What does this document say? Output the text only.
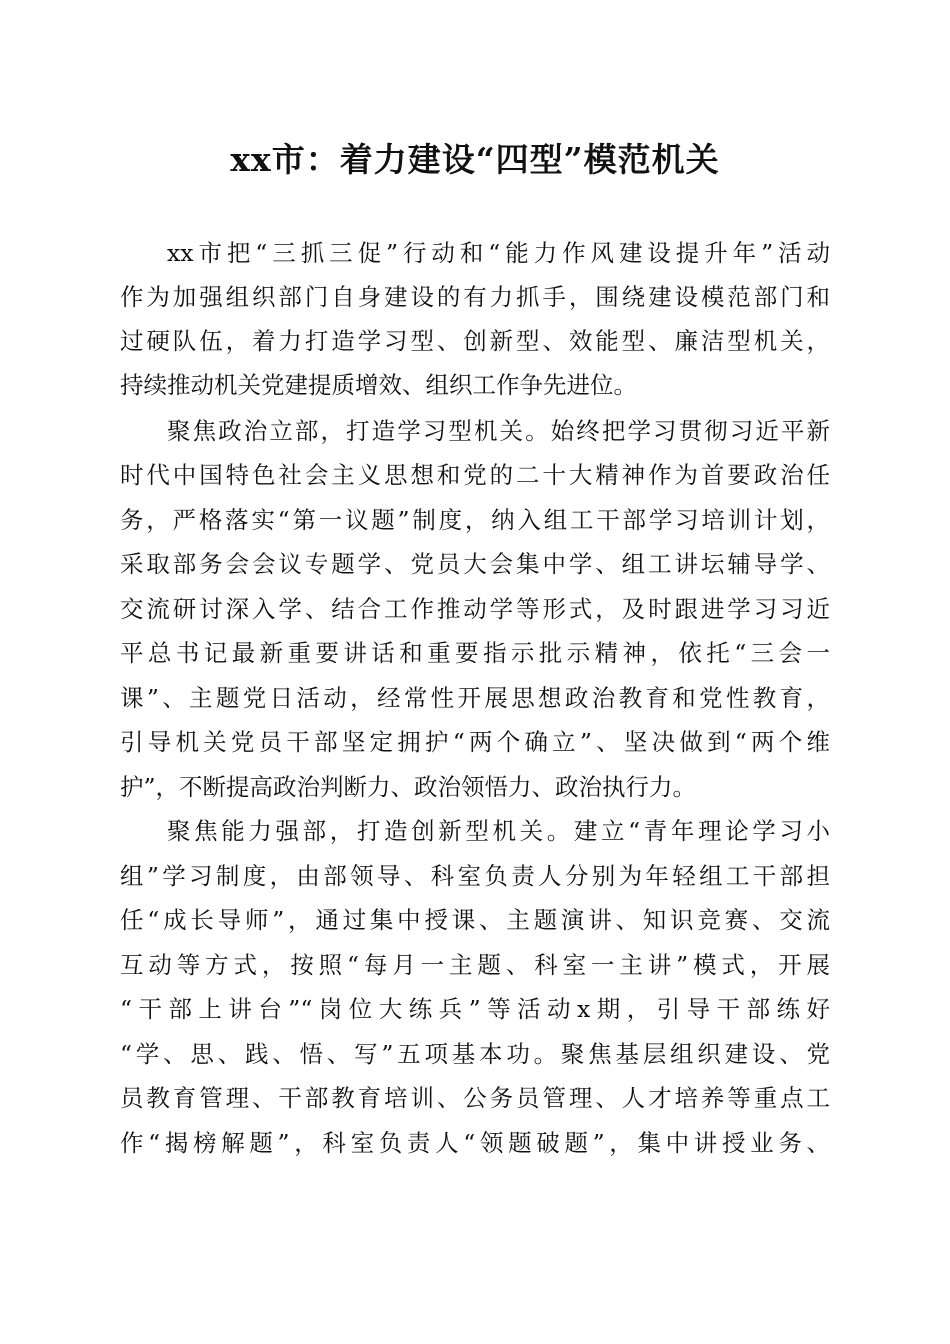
xx市：着力建设“四型”模范机关

xx市把“三抓三促”行动和“能力作风建设提升年”活动

作为加强组织部门自身建设的有力抓手，围绕建设模范部门和

过硬队伍，着力打造学习型、创新型、效能型、廉洁型机关，

持续推动机关党建提质增效、组织工作争先进位。

聚焦政治立部，打造学习型机关。始终把学习贯彻习近平新

时代中国特色社会主义思想和党的二十大精神作为首要政治任

务，严格落实“第一议题”制度，纳入组工干部学习培训计划，

采取部务会会议专题学、党员大会集中学、组工讲坛辅导学、

交流研讨深入学、结合工作推动学等形式，及时跟进学习习近

平总书记最新重要讲话和重要指示批示精神，依托“三会一

课”、主题党日活动，经常性开展思想政治教育和党性教育，

引导机关党员干部坚定拥护“两个确立”、坚决做到“两个维

护”，不断提高政治判断力、政治领悟力、政治执行力。

聚焦能力强部，打造创新型机关。建立“青年理论学习小

组”学习制度，由部领导、科室负责人分别为年轻组工干部担

任“成长导师”，通过集中授课、主题演讲、知识竞赛、交流

互动等方式，按照“每月一主题、科室一主讲”模式，开展

“干部上讲台”“岗位大练兵”等活动x期，引导干部练好

“学、思、践、悟、写”五项基本功。聚焦基层组织建设、党

员教育管理、干部教育培训、公务员管理、人才培养等重点工

作“揭榜解题”，科室负责人“领题破题”，集中讲授业务、
